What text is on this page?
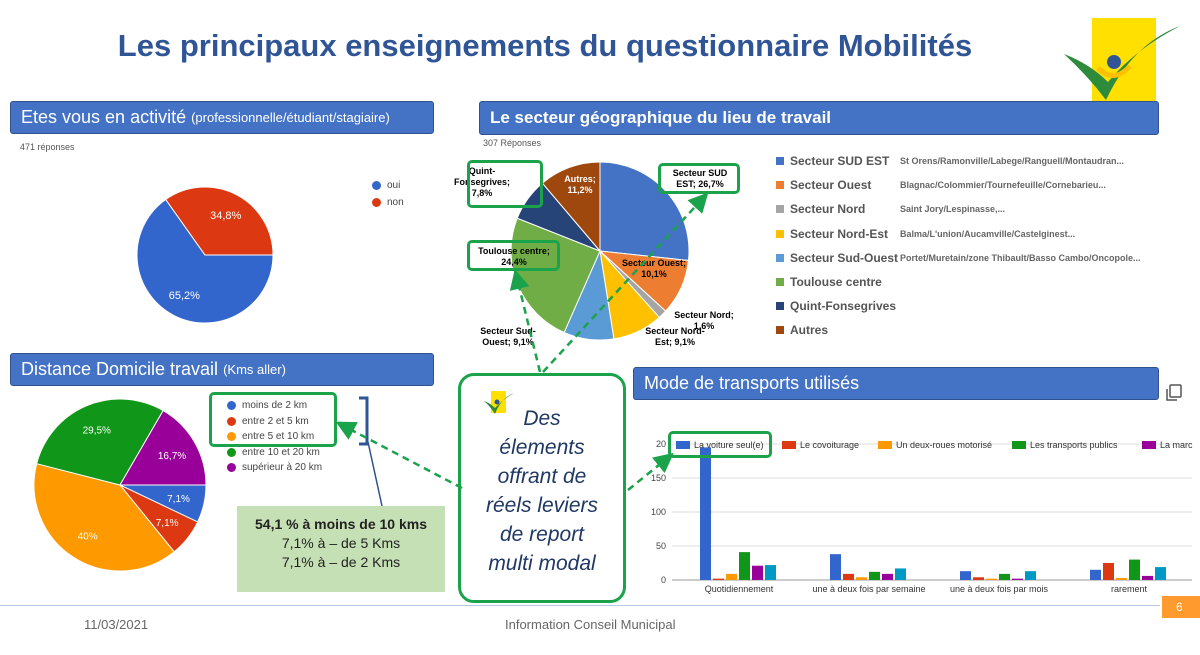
Les principaux enseignements du questionnaire Mobilités
Etes vous en activité (professionnelle/étudiant/stagiaire)
471 réponses
65,2%
34,8%
oui
non
Le secteur géographique du lieu de travail
307 Réponses
Secteur SUD
EST; 26,7%
Secteur Ouest;
10,1%
Secteur Nord;
1,6%
Secteur Nord-
Est; 9,1%
Secteur Sud-
Ouest; 9,1%
Toulouse centre;
24,4%
Quint-
Fonsegrives;
7,8%
Autres;
11,2%
Secteur SUD EST	St Orens/Ramonville/Labege/Ranguell/Montaudran...
Secteur Ouest	Blagnac/Colommier/Tournefeuille/Cornebarieu...
Secteur Nord	Saint Jory/Lespinasse,...
Secteur Nord-Est	Balma/L'union/Aucamville/Castelginest...
Secteur Sud-Ouest Portet/Muretain/zone Thibault/Basso Cambo/Oncopole...
Toulouse centre
Quint-Fonsegrives
Autres
Distance Domicile travail (Kms aller)
7,1%
7,1%
40%
29,5%
16,7%
moins de 2 km
entre 2 et 5 km
entre 5 et 10 km
entre 10 et 20 km
supérieur à 20 km
54,1 % à moins de 10 kms
7,1% à – de 5 Kms
7,1% à – de 2 Kms
Mode de transports utilisés
0
50
100
150
20
Quotidiennement	une à deux fois par semaine	une à deux fois par mois	rarement
La voiture seul(e)	Le covoiturage	Un deux-roues motorisé	Les transports publics	La marc
Des
élements
offrant de
réels leviers
de report
multi modal
6
11/03/2021	Information Conseil Municipal
